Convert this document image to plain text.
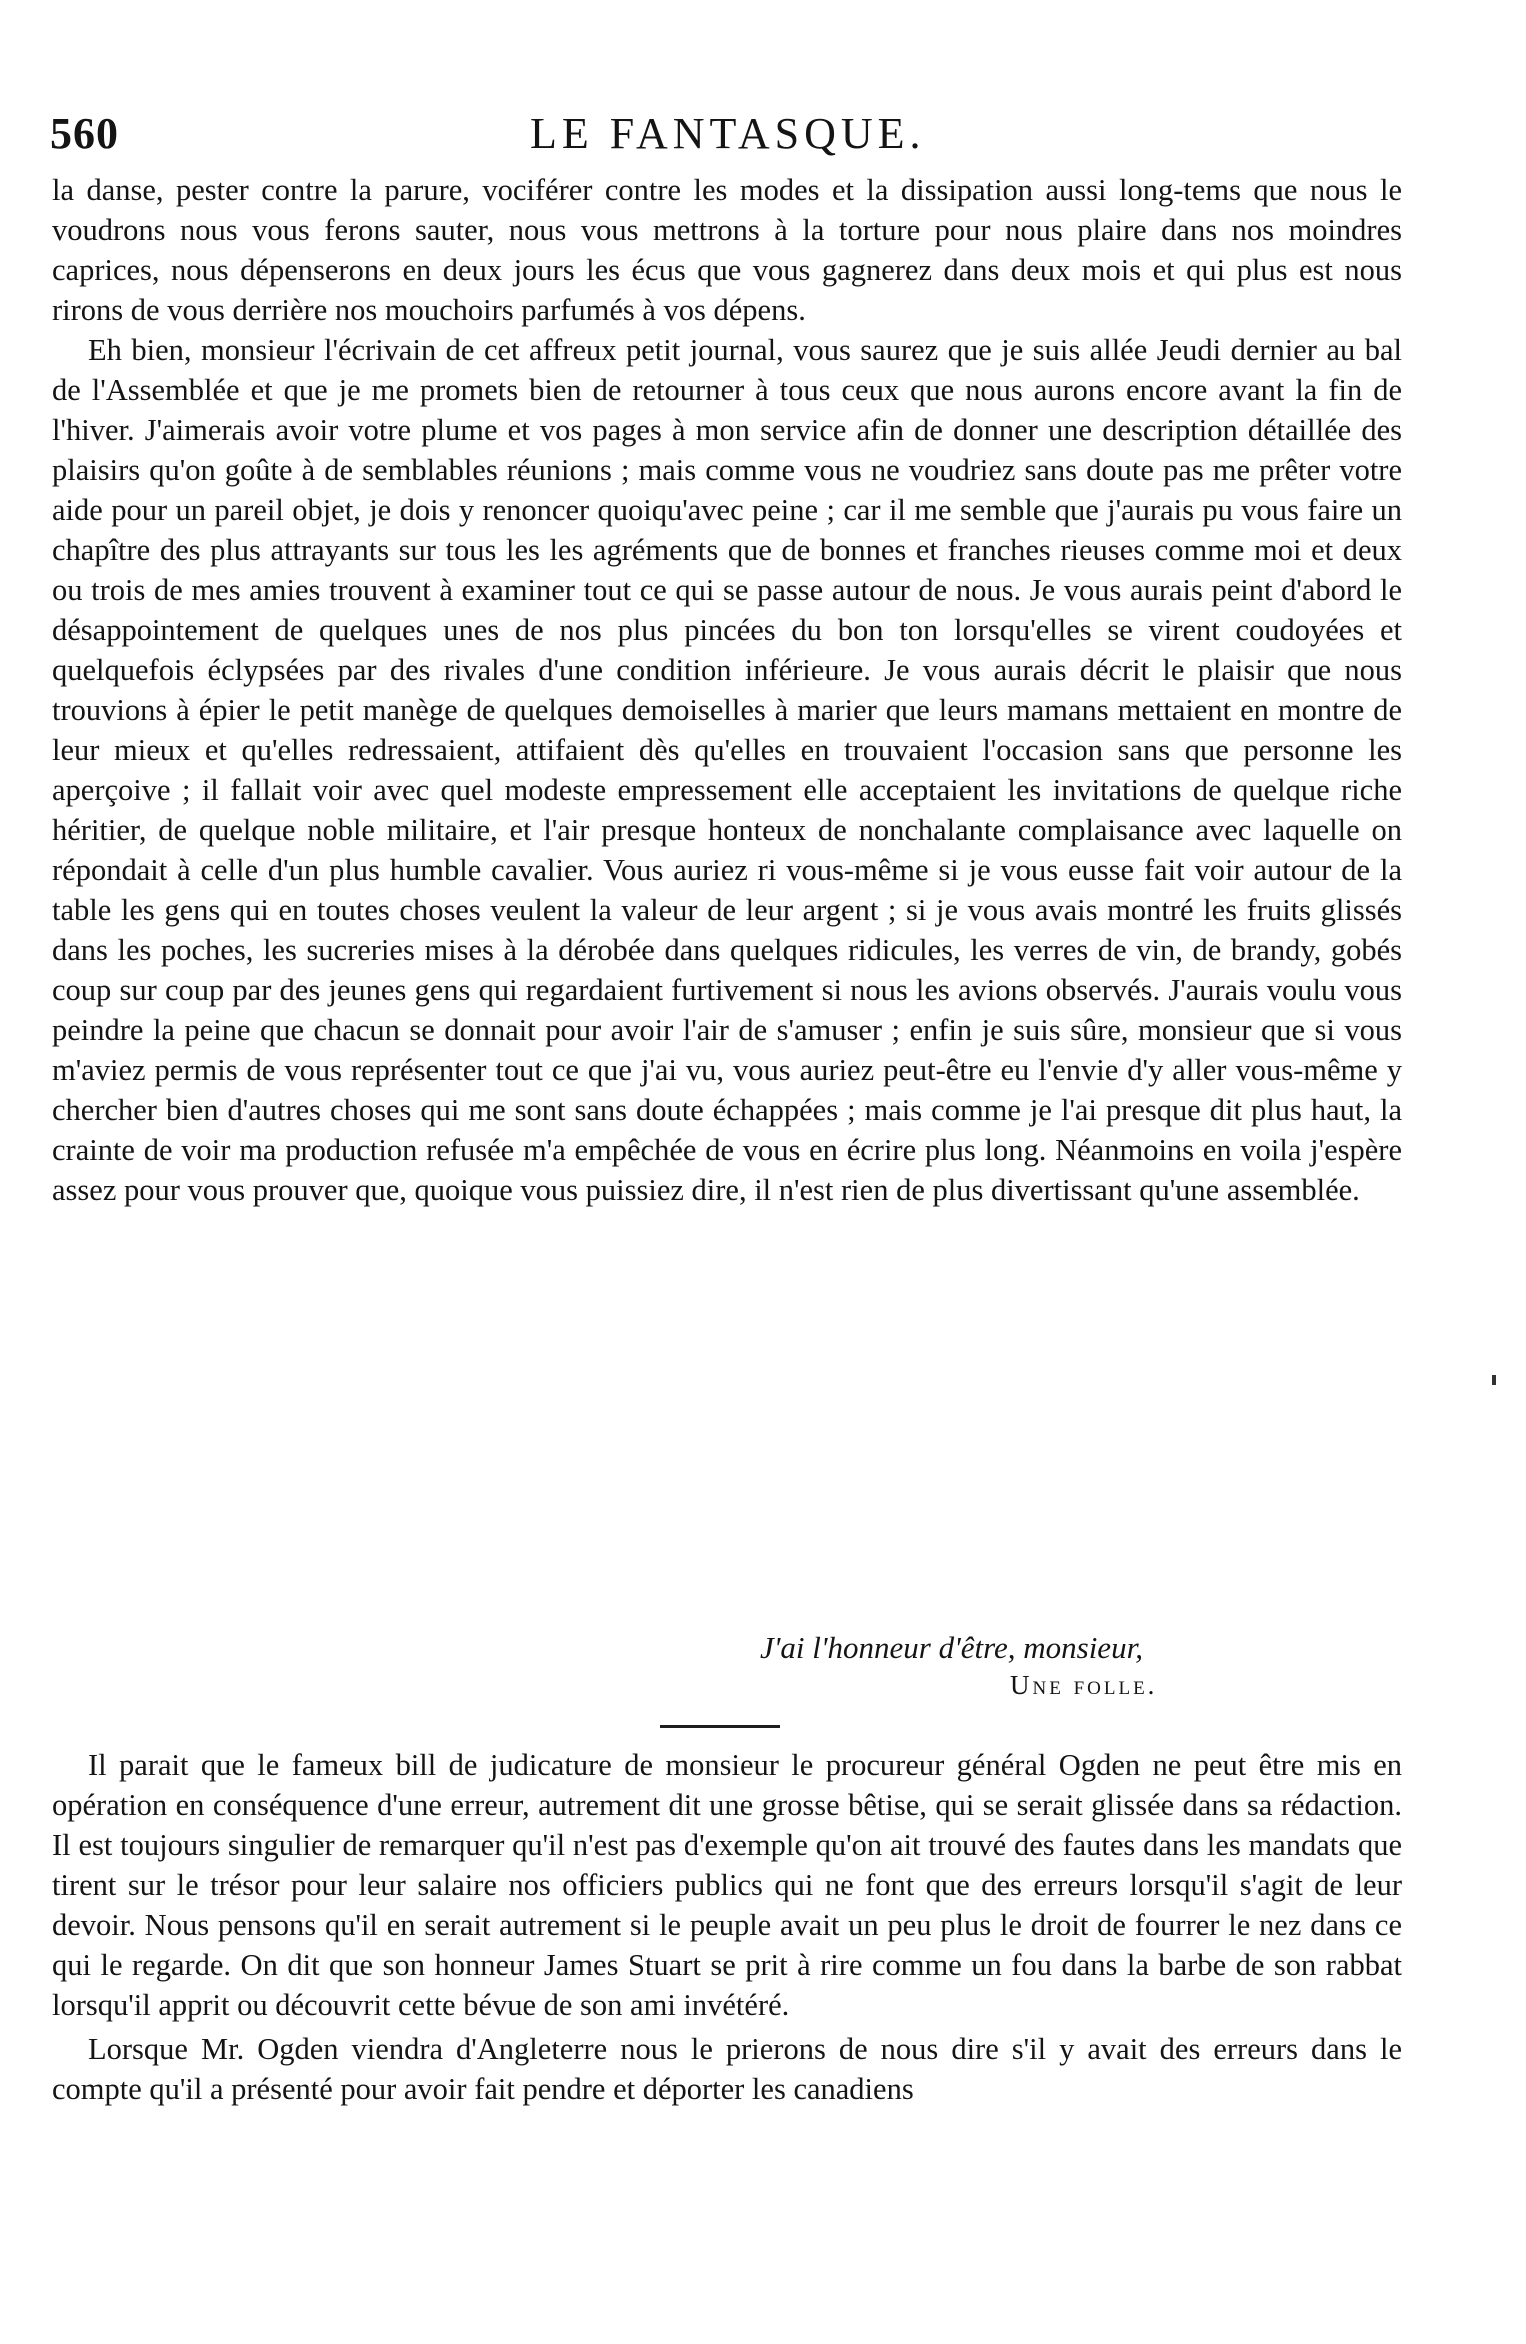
560	LE FANTASQUE.

la danse, pester contre la parure, vociférer contre les modes et la dissipation aussi long-tems que nous le voudrons nous vous ferons sauter, nous vous mettrons à la torture pour nous plaire dans nos moindres caprices, nous dépenserons en deux jours les écus que vous gagnerez dans deux mois et qui plus est nous rirons de vous derrière nos mouchoirs parfumés à vos dépens.

Eh bien, monsieur l'écrivain de cet affreux petit journal, vous saurez que je suis allée Jeudi dernier au bal de l'Assemblée et que je me promets bien de retourner à tous ceux que nous aurons encore avant la fin de l'hiver. J'aimerais avoir votre plume et vos pages à mon service afin de donner une description détaillée des plaisirs qu'on goûte à de semblables réunions ; mais comme vous ne voudriez sans doute pas me prêter votre aide pour un pareil objet, je dois y renoncer quoiqu'avec peine ; car il me semble que j'aurais pu vous faire un chapître des plus attrayants sur tous les les agréments que de bonnes et franches rieuses comme moi et deux ou trois de mes amies trouvent à examiner tout ce qui se passe autour de nous. Je vous aurais peint d'abord le désappointement de quelques unes de nos plus pincées du bon ton lorsqu'elles se virent coudoyées et quelquefois éclypsées par des rivales d'une condition inférieure. Je vous aurais décrit le plaisir que nous trouvions à épier le petit manège de quelques demoiselles à marier que leurs mamans mettaient en montre de leur mieux et qu'elles redressaient, attifaient dès qu'elles en trouvaient l'occasion sans que personne les aperçoive ; il fallait voir avec quel modeste empressement elle acceptaient les invitations de quelque riche héritier, de quelque noble militaire, et l'air presque honteux de nonchalante complaisance avec laquelle on répondait à celle d'un plus humble cavalier. Vous auriez ri vous-même si je vous eusse fait voir autour de la table les gens qui en toutes choses veulent la valeur de leur argent ; si je vous avais montré les fruits glissés dans les poches, les sucreries mises à la dérobée dans quelques ridicules, les verres de vin, de brandy, gobés coup sur coup par des jeunes gens qui regardaient furtivement si nous les avions observés. J'aurais voulu vous peindre la peine que chacun se donnait pour avoir l'air de s'amuser ; enfin je suis sûre, monsieur que si vous m'aviez permis de vous représenter tout ce que j'ai vu, vous auriez peut-être eu l'envie d'y aller vous-même y chercher bien d'autres choses qui me sont sans doute échappées ; mais comme je l'ai presque dit plus haut, la crainte de voir ma production refusée m'a empêchée de vous en écrire plus long. Néanmoins en voila j'espère assez pour vous prouver que, quoique vous puissiez dire, il n'est rien de plus divertissant qu'une assemblée.

J'ai l'honneur d'être, monsieur,
Une folle.

Il parait que le fameux bill de judicature de monsieur le procureur général Ogden ne peut être mis en opération en conséquence d'une erreur, autrement dit une grosse bêtise, qui se serait glissée dans sa rédaction. Il est toujours singulier de remarquer qu'il n'est pas d'exemple qu'on ait trouvé des fautes dans les mandats que tirent sur le trésor pour leur salaire nos officiers publics qui ne font que des erreurs lorsqu'il s'agit de leur devoir. Nous pensons qu'il en serait autrement si le peuple avait un peu plus le droit de fourrer le nez dans ce qui le regarde. On dit que son honneur James Stuart se prit à rire comme un fou dans la barbe de son rabbat lorsqu'il apprit ou découvrit cette bévue de son ami invétéré.

Lorsque Mr. Ogden viendra d'Angleterre nous le prierons de nous dire s'il y avait des erreurs dans le compte qu'il a présenté pour avoir fait pendre et déporter les canadiens
